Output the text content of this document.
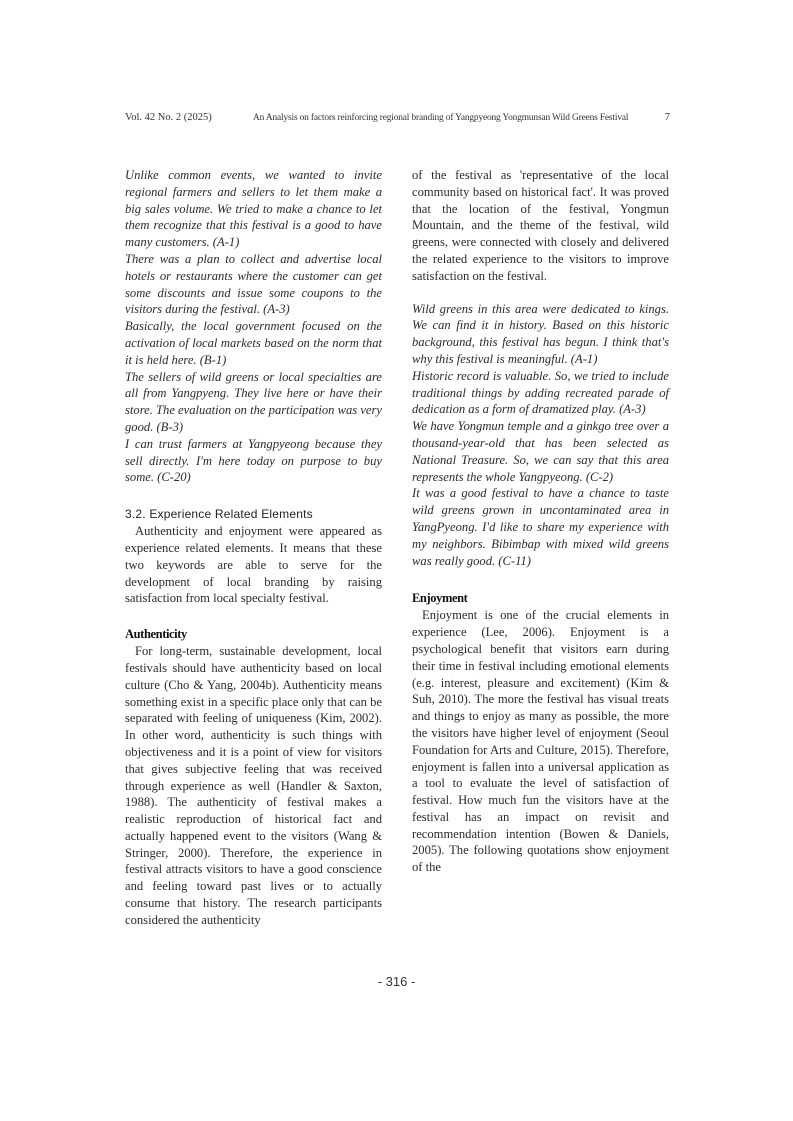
Vol. 42 No. 2 (2025)	An Analysis on factors reinforcing regional branding of Yangpyeong Yongmunsan Wild Greens Festival	7

Unlike common events, we wanted to invite regional farmers and sellers to let them make a big sales volume. We tried to make a chance to let them recognize that this festival is a good to have many customers. (A-1)

There was a plan to collect and advertise local hotels or restaurants where the customer can get some discounts and issue some coupons to the visitors during the festival. (A-3)

Basically, the local government focused on the activation of local markets based on the norm that it is held here. (B-1)

The sellers of wild greens or local specialties are all from Yangpyeng. They live here or have their store. The evaluation on the participation was very good. (B-3)

I can trust farmers at Yangpyeong because they sell directly. I'm here today on purpose to buy some. (C-20)

3.2. Experience Related Elements

Authenticity and enjoyment were appeared as experience related elements. It means that these two keywords are able to serve for the development of local branding by raising satisfaction from local specialty festival.

Authenticity

For long-term, sustainable development, local festivals should have authenticity based on local culture (Cho & Yang, 2004b). Authenticity means something exist in a specific place only that can be separated with feeling of uniqueness (Kim, 2002). In other word, authenticity is such things with objectiveness and it is a point of view for visitors that gives subjective feeling that was received through experience as well (Handler & Saxton, 1988). The authenticity of festival makes a realistic reproduction of historical fact and actually happened event to the visitors (Wang & Stringer, 2000). Therefore, the experience in festival attracts visitors to have a good conscience and feeling toward past lives or to actually consume that history. The research participants considered the authenticity

of the festival as 'representative of the local community based on historical fact'. It was proved that the location of the festival, Yongmun Mountain, and the theme of the festival, wild greens, were connected with closely and delivered the related experience to the visitors to improve satisfaction on the festival.

Wild greens in this area were dedicated to kings. We can find it in history. Based on this historic background, this festival has begun. I think that's why this festival is meaningful. (A-1)

Historic record is valuable. So, we tried to include traditional things by adding recreated parade of dedication as a form of dramatized play. (A-3)

We have Yongmun temple and a ginkgo tree over a thousand-year-old that has been selected as National Treasure. So, we can say that this area represents the whole Yangpyeong. (C-2)

It was a good festival to have a chance to taste wild greens grown in uncontaminated area in YangPyeong. I'd like to share my experience with my neighbors. Bibimbap with mixed wild greens was really good. (C-11)

Enjoyment

Enjoyment is one of the crucial elements in experience (Lee, 2006). Enjoyment is a psychological benefit that visitors earn during their time in festival including emotional elements (e.g. interest, pleasure and excitement) (Kim & Suh, 2010). The more the festival has visual treats and things to enjoy as many as possible, the more the visitors have higher level of enjoyment (Seoul Foundation for Arts and Culture, 2015). Therefore, enjoyment is fallen into a universal application as a tool to evaluate the level of satisfaction of festival. How much fun the visitors have at the festival has an impact on revisit and recommendation intention (Bowen & Daniels, 2005). The following quotations show enjoyment of the

- 316 -
